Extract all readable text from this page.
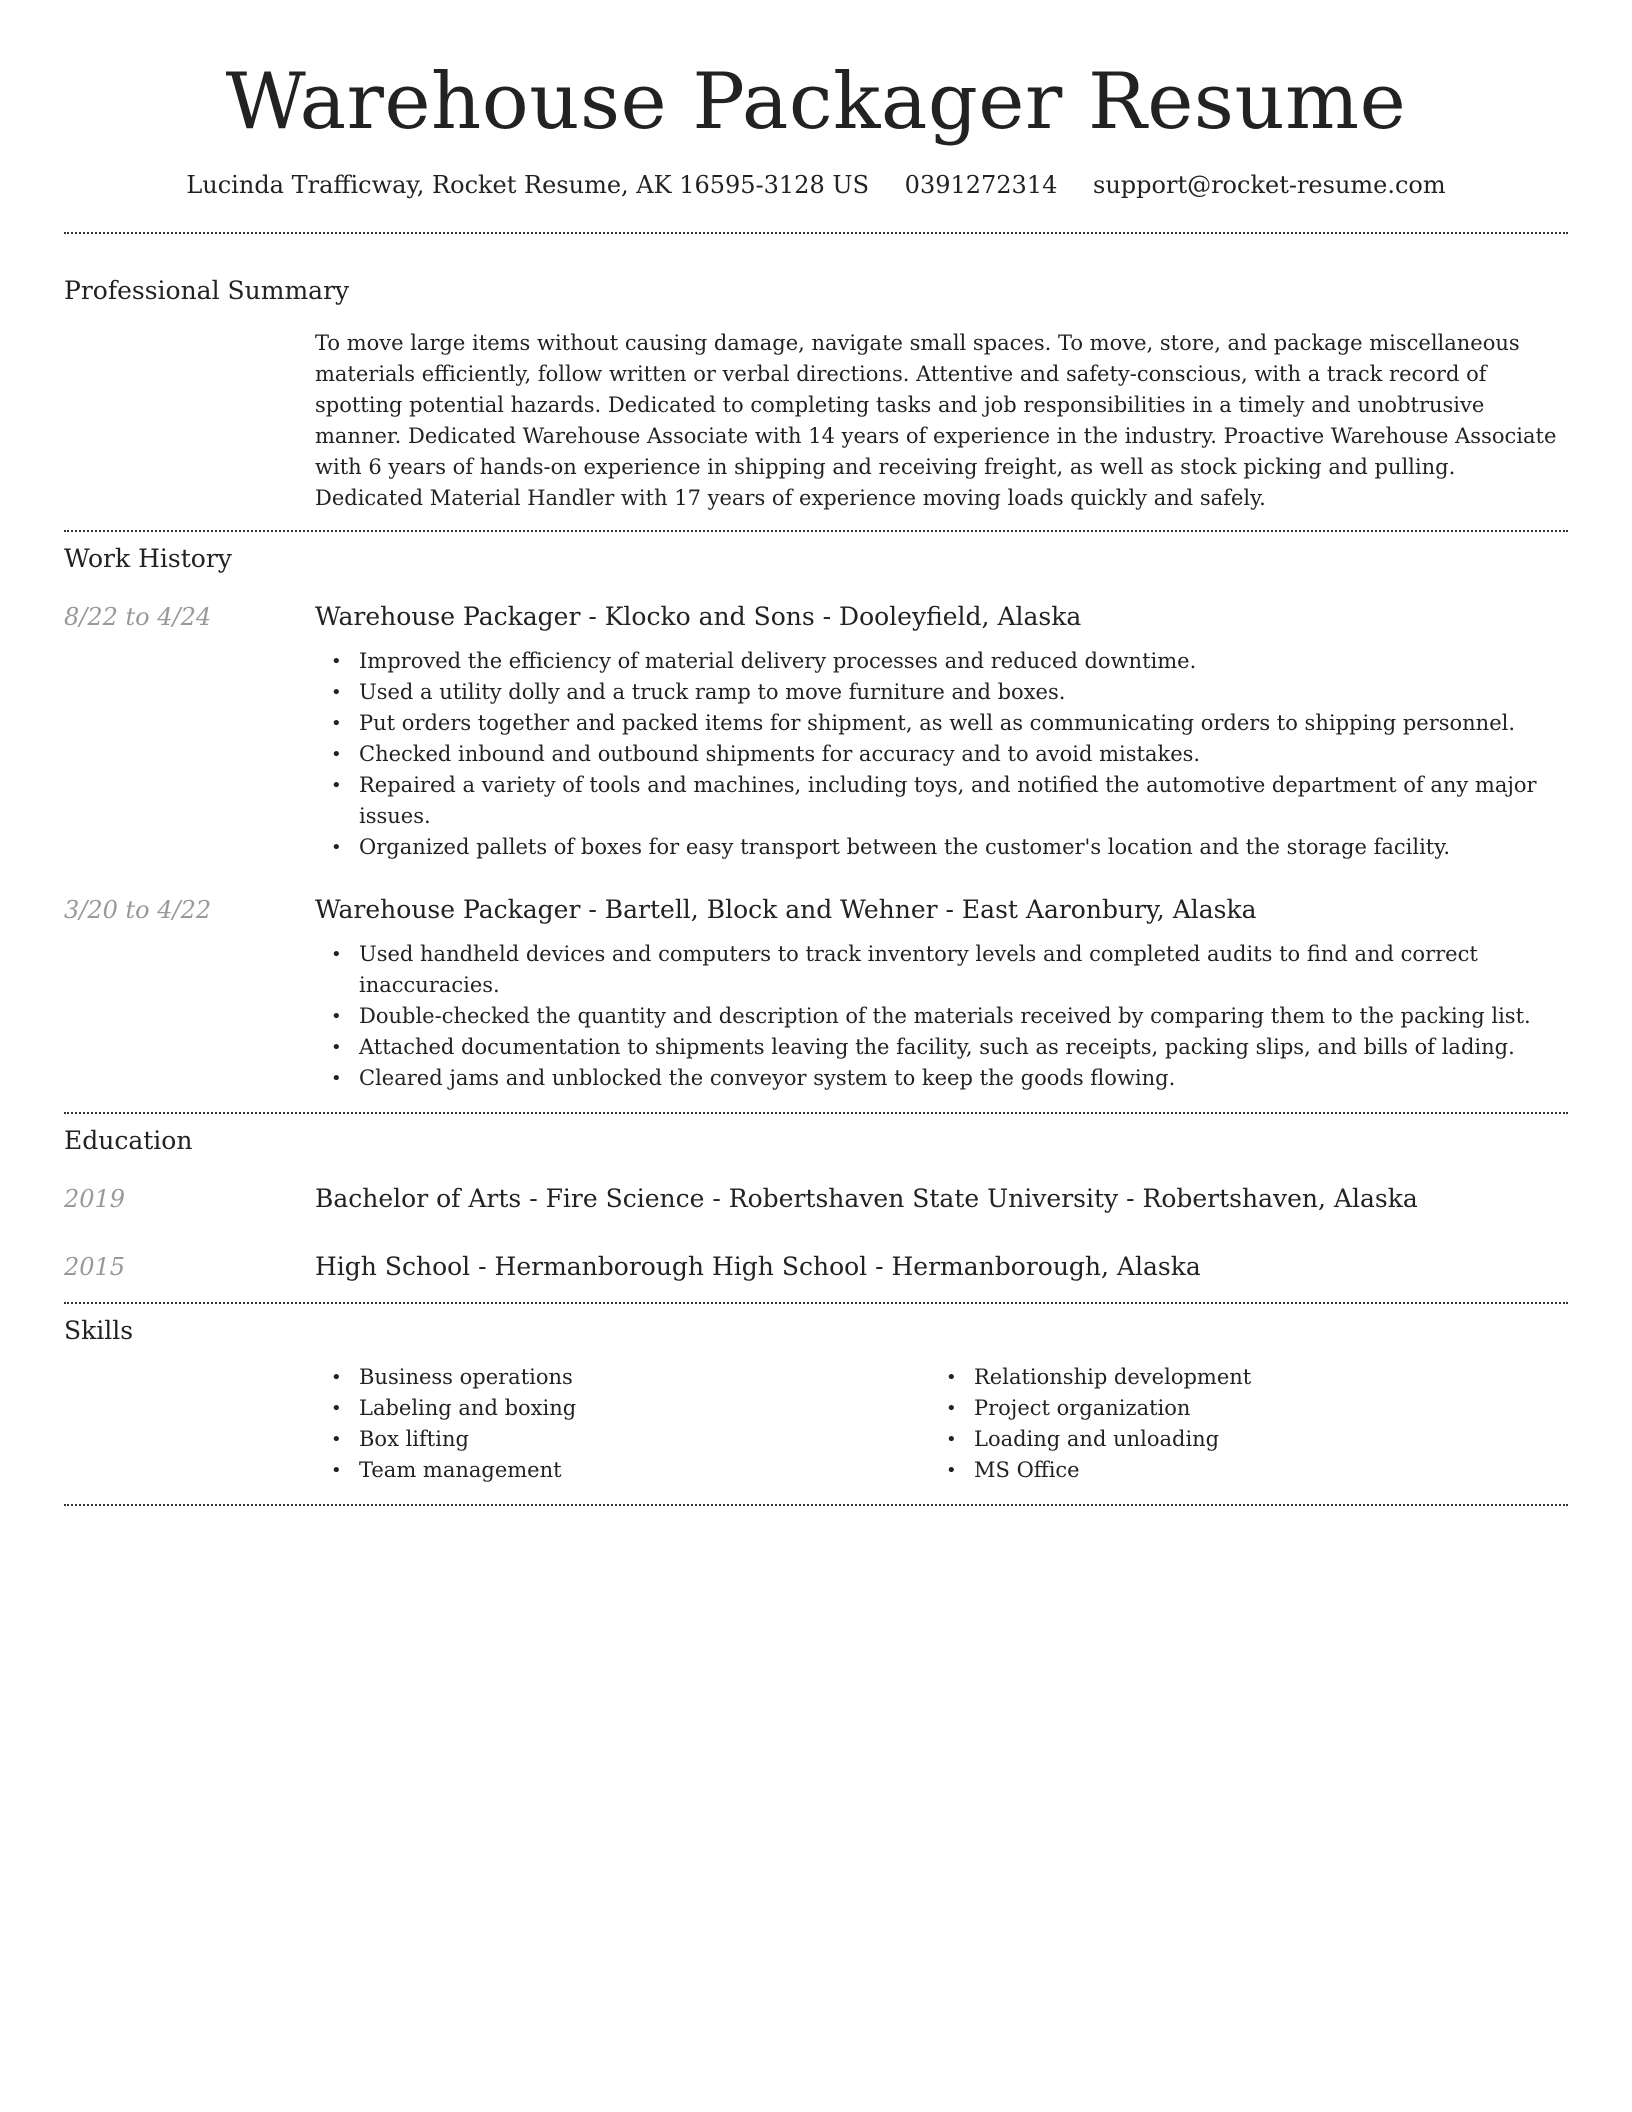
Warehouse Packager Resume
Lucinda Trafficway, Rocket Resume, AK 16595-3128 US 0391272314 support@rocket-resume.com
Professional Summary

To move large items without causing damage, navigate small spaces. To move, store, and package miscellaneous materials efficiently, follow written or verbal directions. Attentive and safety-conscious, with a track record of spotting potential hazards. Dedicated to completing tasks and job responsibilities in a timely and unobtrusive manner. Dedicated Warehouse Associate with 14 years of experience in the industry. Proactive Warehouse Associate with 6 years of hands-on experience in shipping and receiving freight, as well as stock picking and pulling. Dedicated Material Handler with 17 years of experience moving loads quickly and safely.

Work History
8/22 to 4/24	Warehouse Packager - Klocko and Sons - Dooleyfield, Alaska
• Improved the efficiency of material delivery processes and reduced downtime.
• Used a utility dolly and a truck ramp to move furniture and boxes.
• Put orders together and packed items for shipment, as well as communicating orders to shipping personnel.
• Checked inbound and outbound shipments for accuracy and to avoid mistakes.
• Repaired a variety of tools and machines, including toys, and notified the automotive department of any major issues.
• Organized pallets of boxes for easy transport between the customer's location and the storage facility.
3/20 to 4/22	Warehouse Packager - Bartell, Block and Wehner - East Aaronbury, Alaska
• Used handheld devices and computers to track inventory levels and completed audits to find and correct inaccuracies.
• Double-checked the quantity and description of the materials received by comparing them to the packing list.
• Attached documentation to shipments leaving the facility, such as receipts, packing slips, and bills of lading.
• Cleared jams and unblocked the conveyor system to keep the goods flowing.
Education
2019	Bachelor of Arts - Fire Science - Robertshaven State University - Robertshaven, Alaska
2015	High School - Hermanborough High School - Hermanborough, Alaska
Skills
• Business operations
• Labeling and boxing
• Box lifting
• Team management
• Relationship development
• Project organization
• Loading and unloading
• MS Office
